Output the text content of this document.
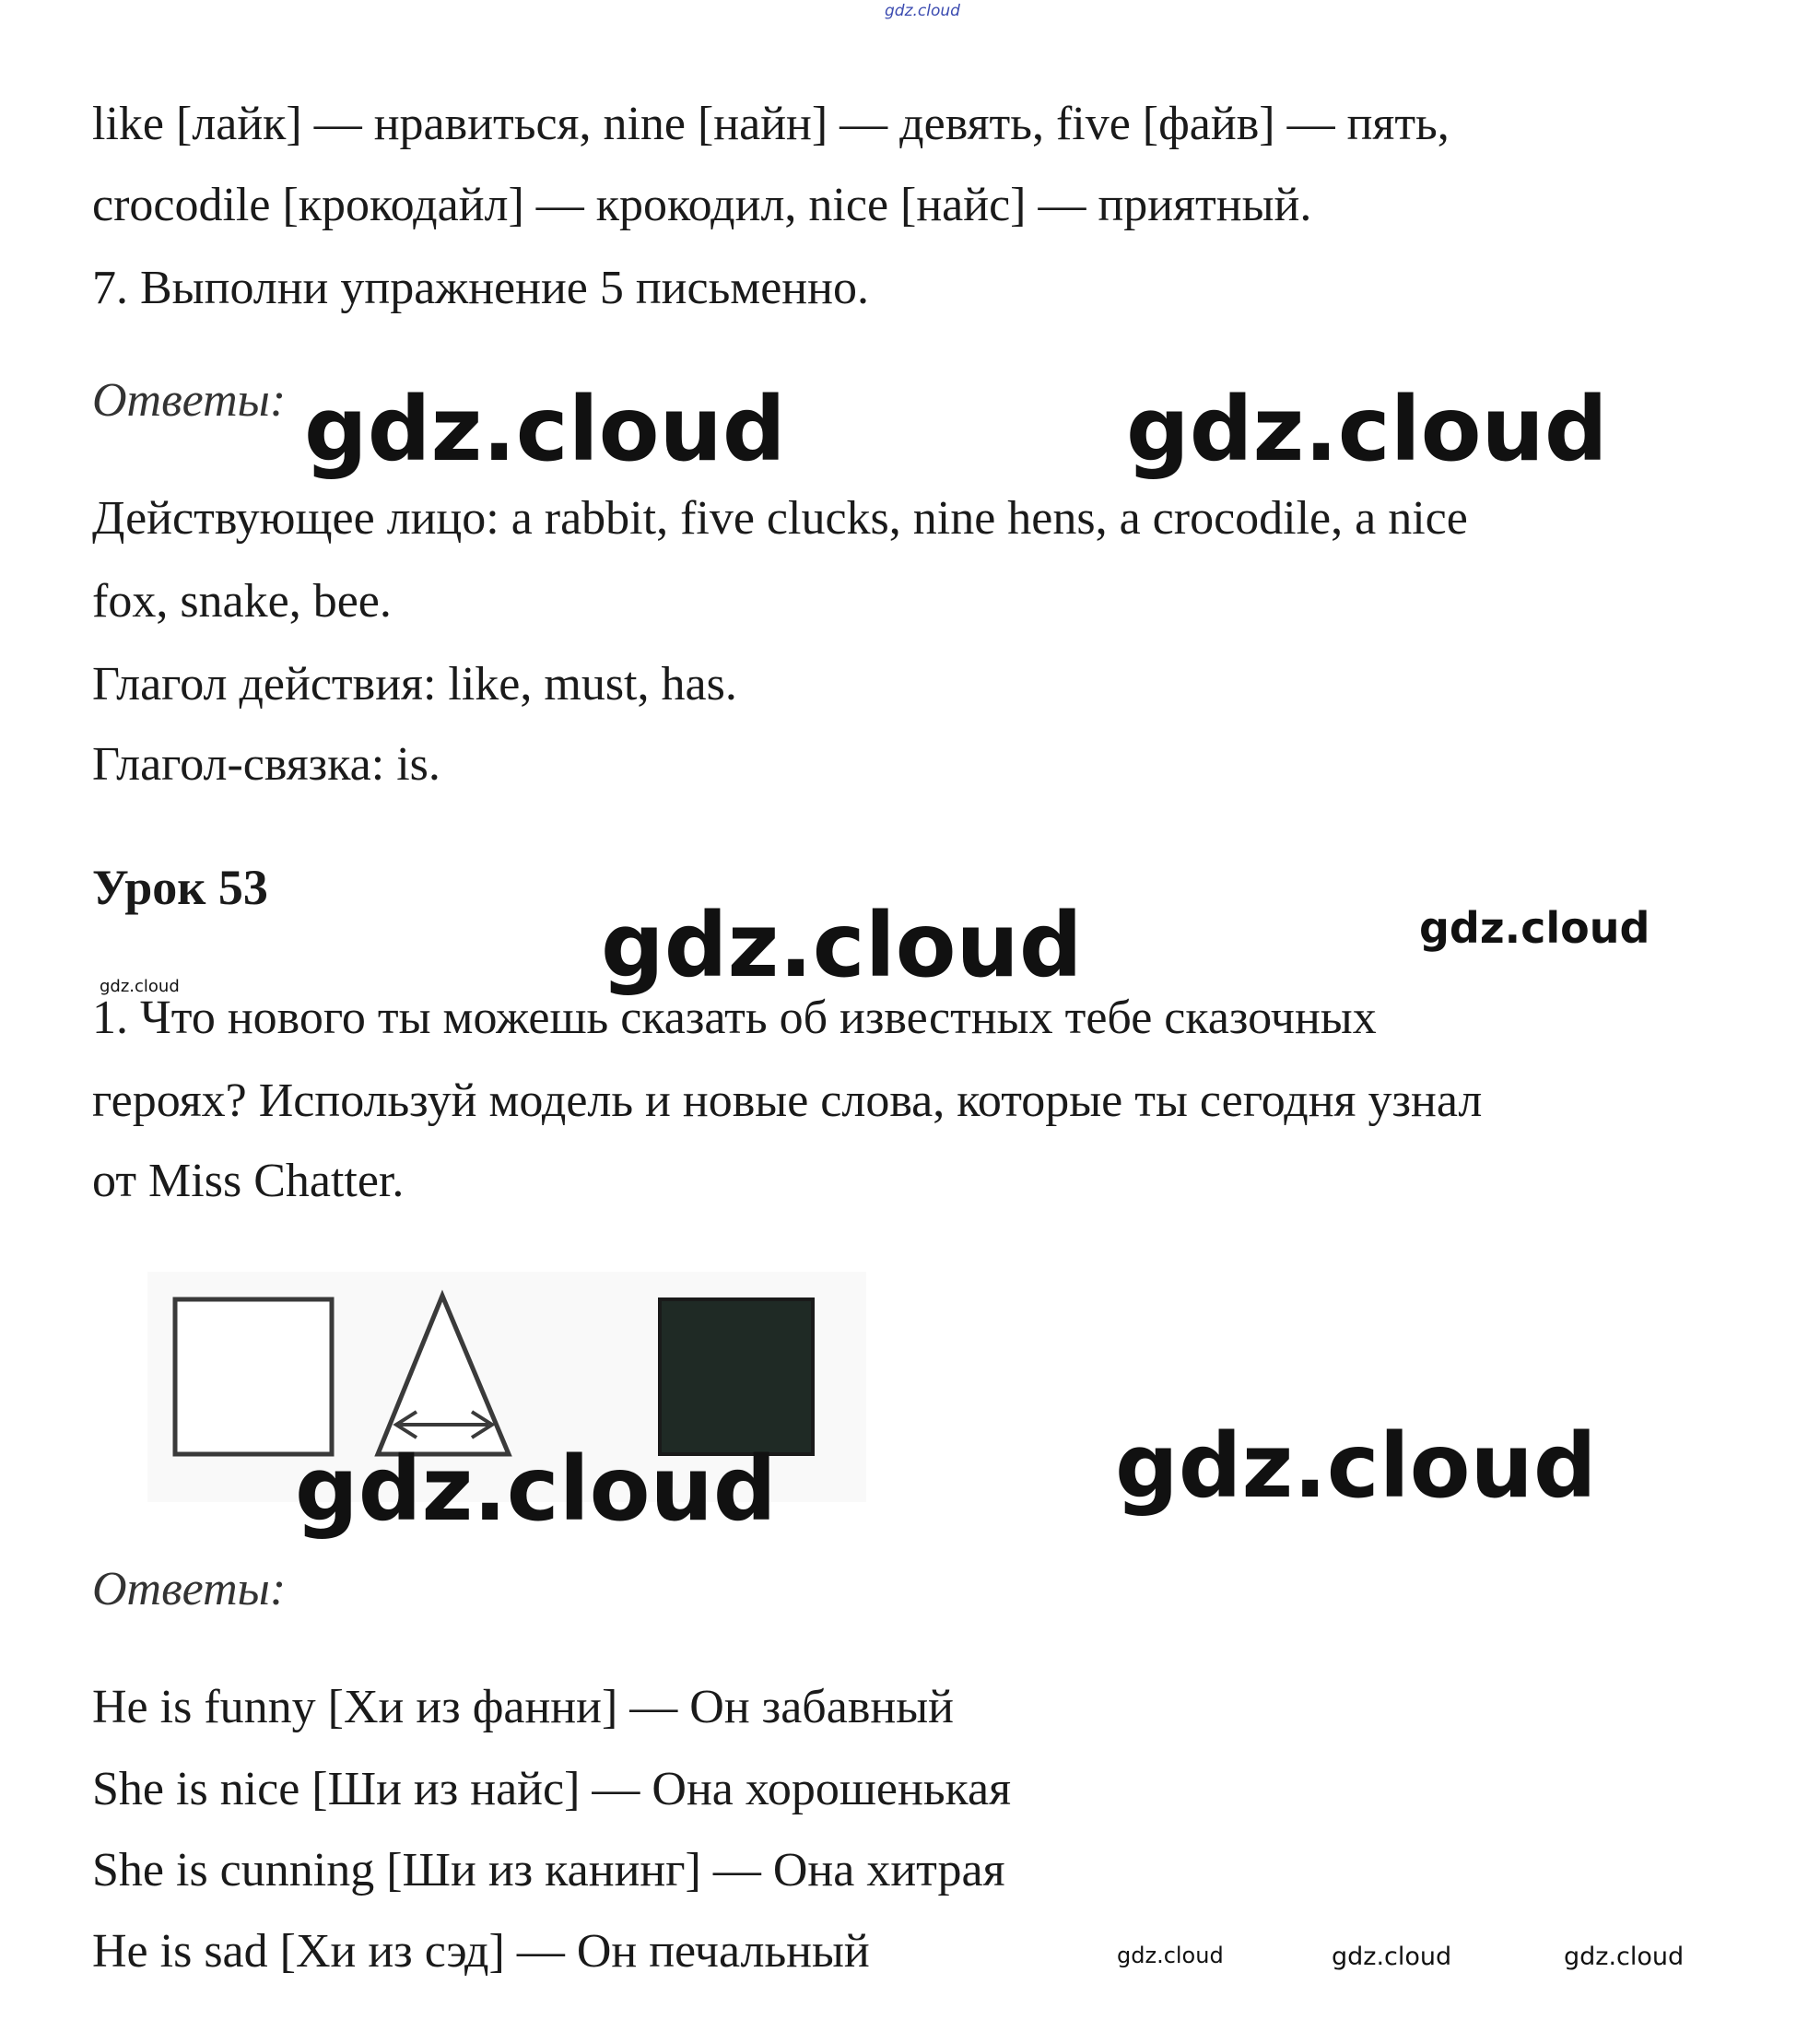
gdz.cloud
like [лайк] — нравиться, nine [найн] — девять, five [файв] — пять,
crocodile [крокодайл] — крокодил, nice [найс] — приятный.
7. Выполни упражнение 5 письменно.
Ответы: gdz.cloud	gdz.cloud
Действующее лицо: a rabbit, five clucks, nine hens, a crocodile, a nice
fox, snake, bee.
Глагол действия: like, must, has.
Глагол-связка: is.
Урок 53
gdz.cloud	gdz.cloud
gdz.cloud
1. Что нового ты можешь сказать об известных тебе сказочных
героях? Используй модель и новые слова, которые ты сегодня узнал
от Miss Chatter.
gdz.cloud	gdz.cloud
Ответы:
He is funny [Хи из фанни] — Он забавный
She is nice [Ши из найс] — Она хорошенькая
She is cunning [Ши из канинг] — Она хитрая
He is sad [Хи из сэд] — Он печальный	gdz.cloud	gdz.cloud	gdz.cloud
